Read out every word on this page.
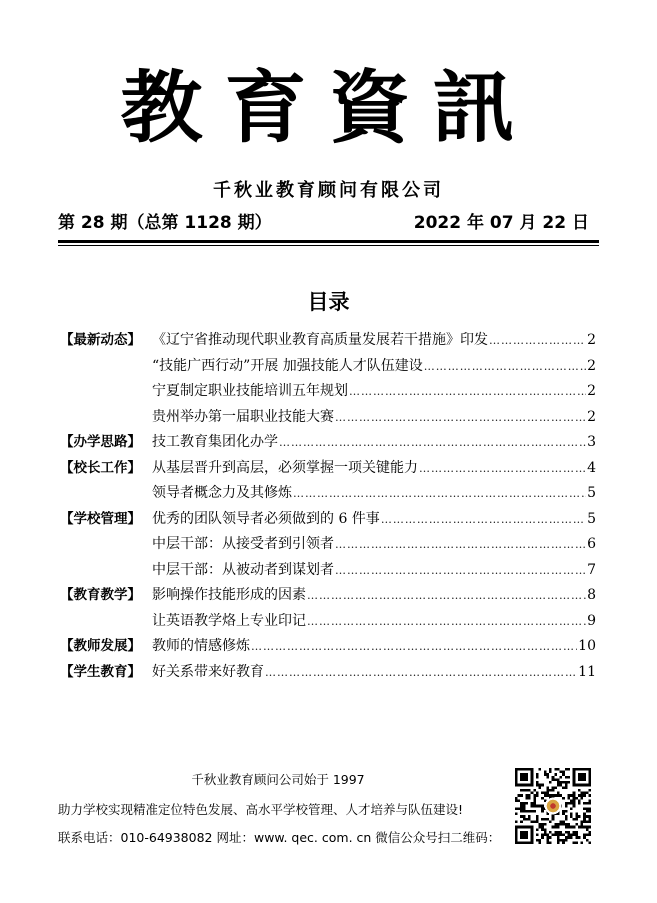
教育資訊
千秋业教育顾问有限公司
第 28 期（总第 1128 期）	2022 年 07 月 22 日
目录
【最新动态】 《辽宁省推动现代职业教育高质量发展若干措施》印发 …………………………………………………………………………………………………………………………………	2
“技能广西行动”开展 加强技能人才队伍建设 …………………………………………………………………………………………………………………………………	2
宁夏制定职业技能培训五年规划 …………………………………………………………………………………………………………………………………	2
贵州举办第一届职业技能大赛 …………………………………………………………………………………………………………………………………	2
【办学思路】 技工教育集团化办学 …………………………………………………………………………………………………………………………………	3
【校长工作】 从基层晋升到高层，必须掌握一项关键能力 …………………………………………………………………………………………………………………………………	4
领导者概念力及其修炼 …………………………………………………………………………………………………………………………………	5
【学校管理】 优秀的团队领导者必须做到的 6 件事 …………………………………………………………………………………………………………………………………	5
中层干部：从接受者到引领者 …………………………………………………………………………………………………………………………………	6
中层干部：从被动者到谋划者 …………………………………………………………………………………………………………………………………	7
【教育教学】 影响操作技能形成的因素 …………………………………………………………………………………………………………………………………	8
让英语教学烙上专业印记 …………………………………………………………………………………………………………………………………	9
【教师发展】 教师的情感修炼 …………………………………………………………………………………………………………………………………	10
【学生教育】 好关系带来好教育 …………………………………………………………………………………………………………………………………	11
千秋业教育顾问公司始于 1997
助力学校实现精准定位特色发展、高水平学校管理、人才培养与队伍建设!
联系电话：010-64938082 网址：www. qec. com. cn 微信公众号扫二维码：
